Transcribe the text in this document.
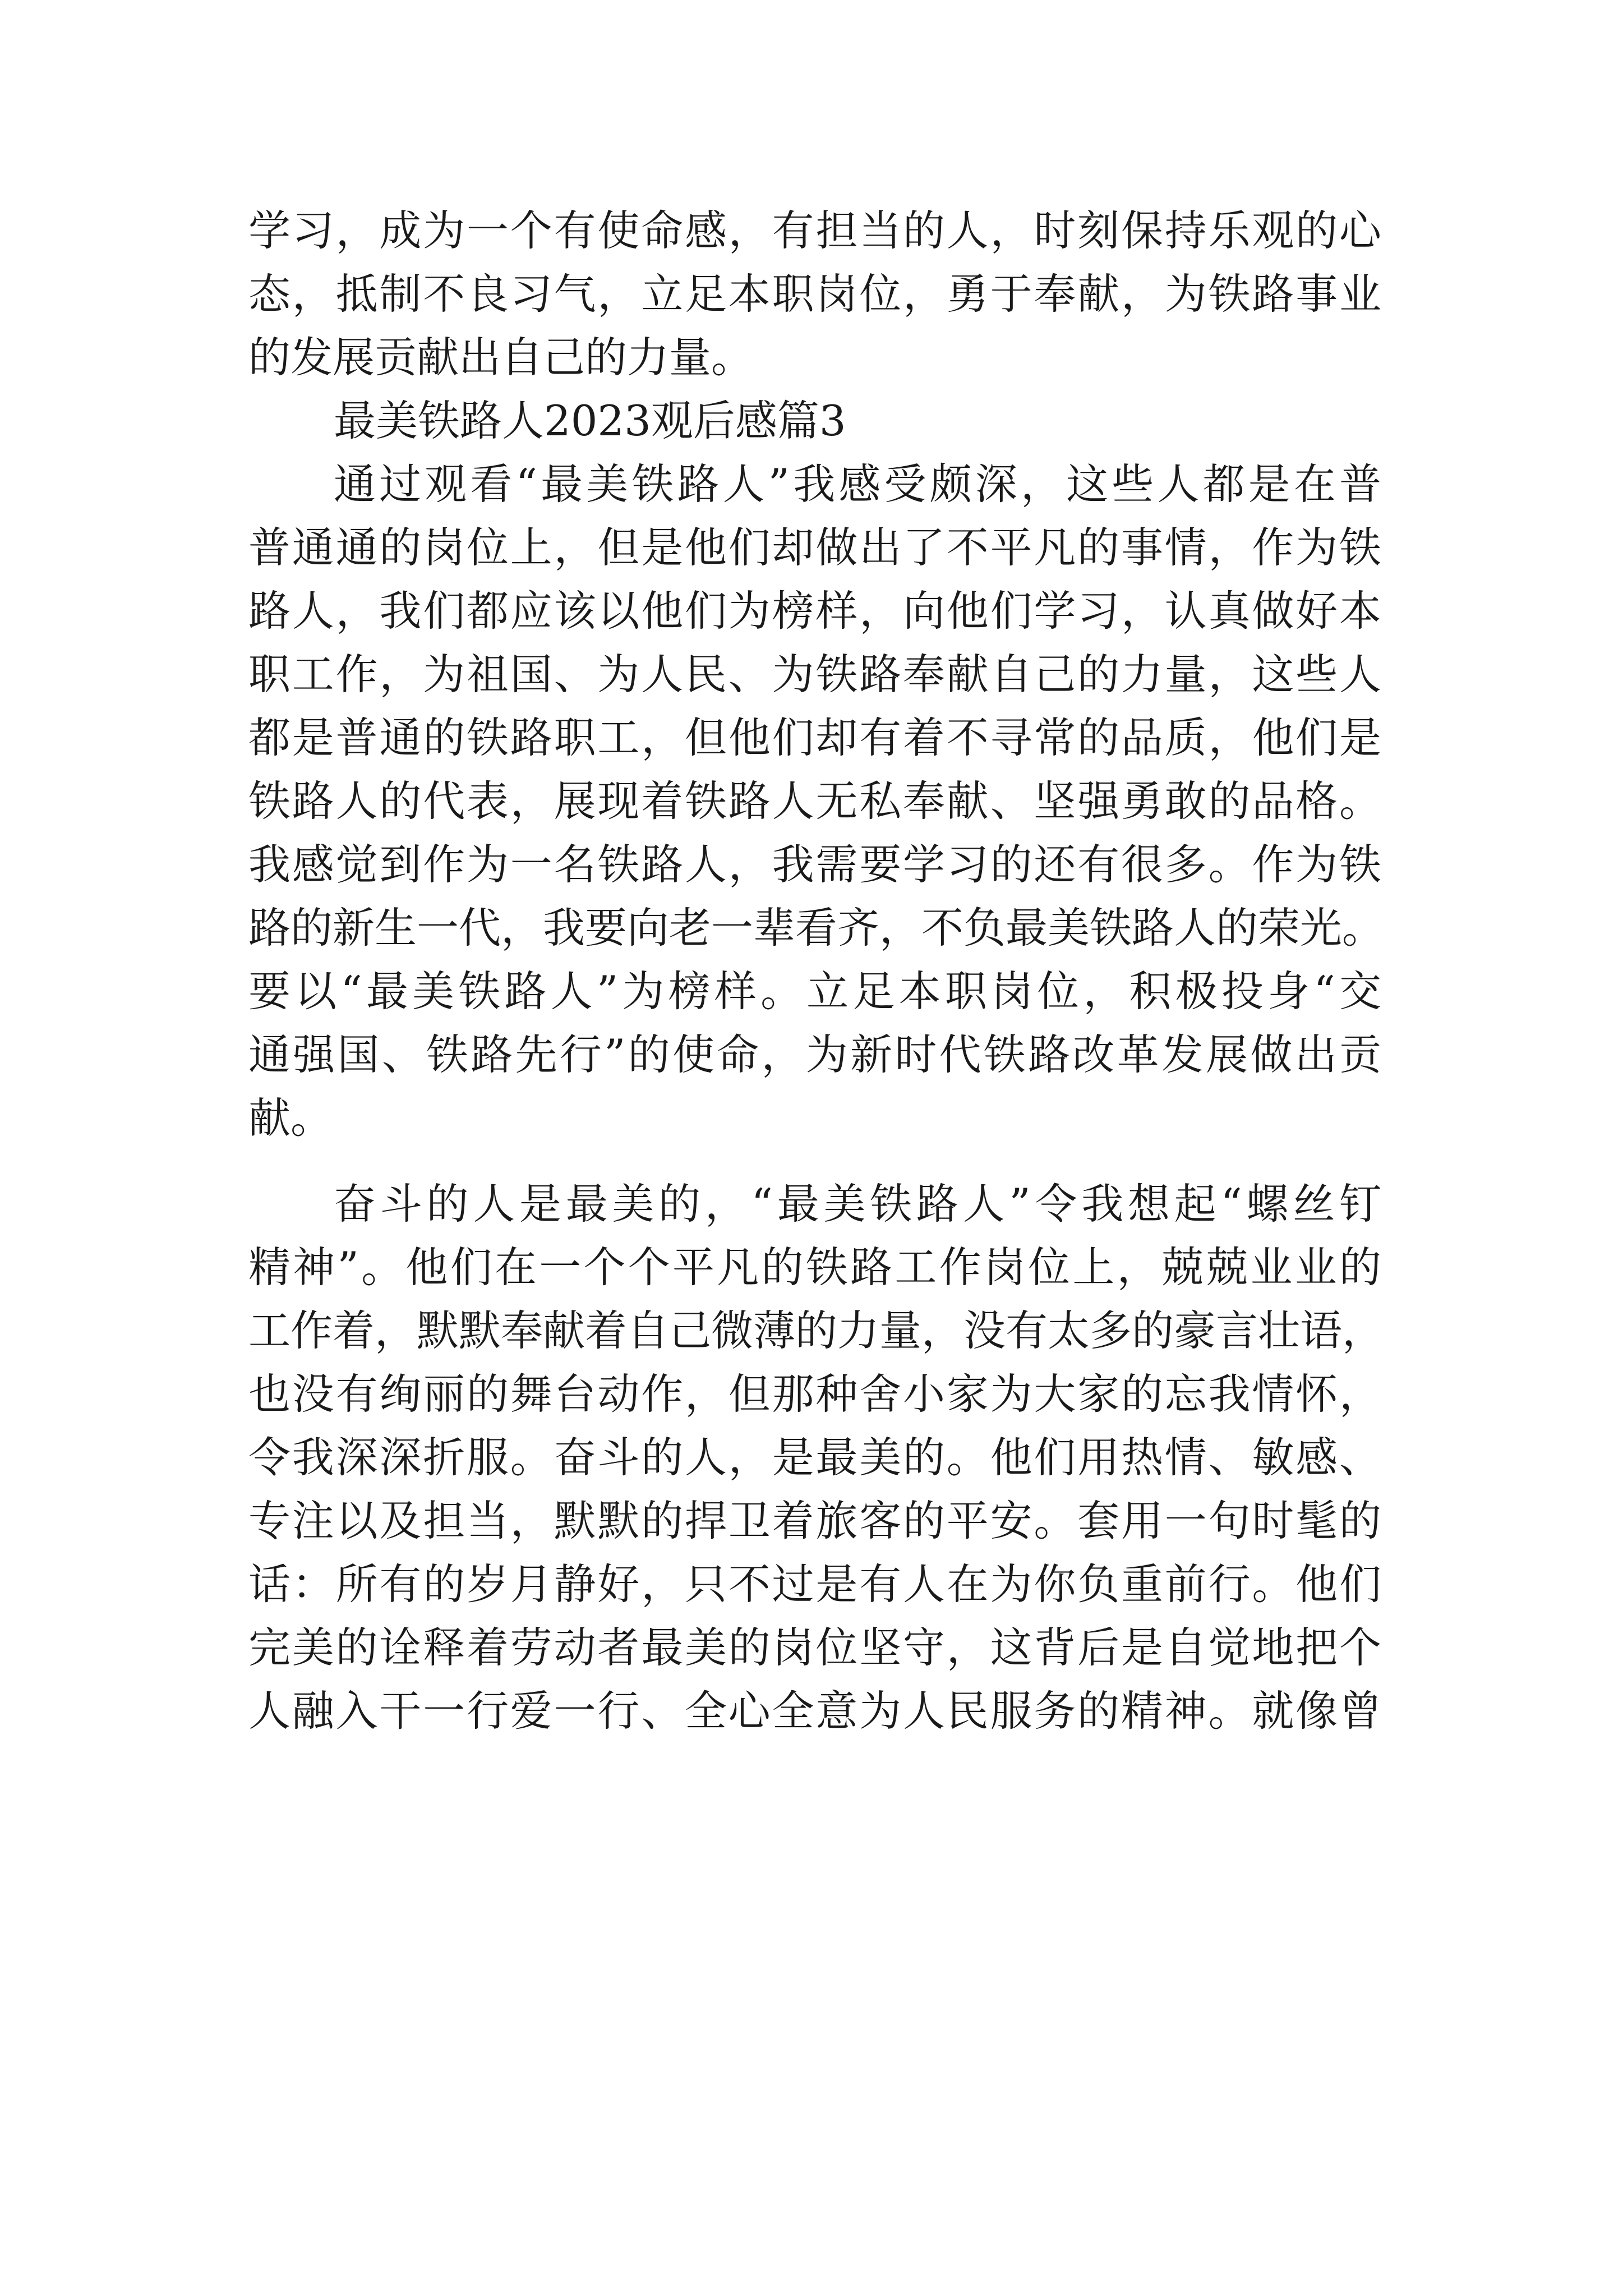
学习，成为一个有使命感，有担当的人，时刻保持乐观的心
态，抵制不良习气，立足本职岗位，勇于奉献，为铁路事业
的发展贡献出自己的力量。
最美铁路人2023观后感篇3
通过观看“最美铁路人”我感受颇深，这些人都是在普
普通通的岗位上，但是他们却做出了不平凡的事情，作为铁
路人，我们都应该以他们为榜样，向他们学习，认真做好本
职工作，为祖国、为人民、为铁路奉献自己的力量，这些人
都是普通的铁路职工，但他们却有着不寻常的品质，他们是
铁路人的代表，展现着铁路人无私奉献、坚强勇敢的品格。
我感觉到作为一名铁路人，我需要学习的还有很多。作为铁
路的新生一代，我要向老一辈看齐，不负最美铁路人的荣光。
要以“最美铁路人”为榜样。立足本职岗位，积极投身“交
通强国、铁路先行”的使命，为新时代铁路改革发展做出贡
献。
奋斗的人是最美的，“最美铁路人”令我想起“螺丝钉
精神”。他们在一个个平凡的铁路工作岗位上，兢兢业业的
工作着，默默奉献着自己微薄的力量，没有太多的豪言壮语，
也没有绚丽的舞台动作，但那种舍小家为大家的忘我情怀，
令我深深折服。奋斗的人，是最美的。他们用热情、敏感、
专注以及担当，默默的捍卫着旅客的平安。套用一句时髦的
话：所有的岁月静好，只不过是有人在为你负重前行。他们
完美的诠释着劳动者最美的岗位坚守，这背后是自觉地把个
人融入干一行爱一行、全心全意为人民服务的精神。就像曾
